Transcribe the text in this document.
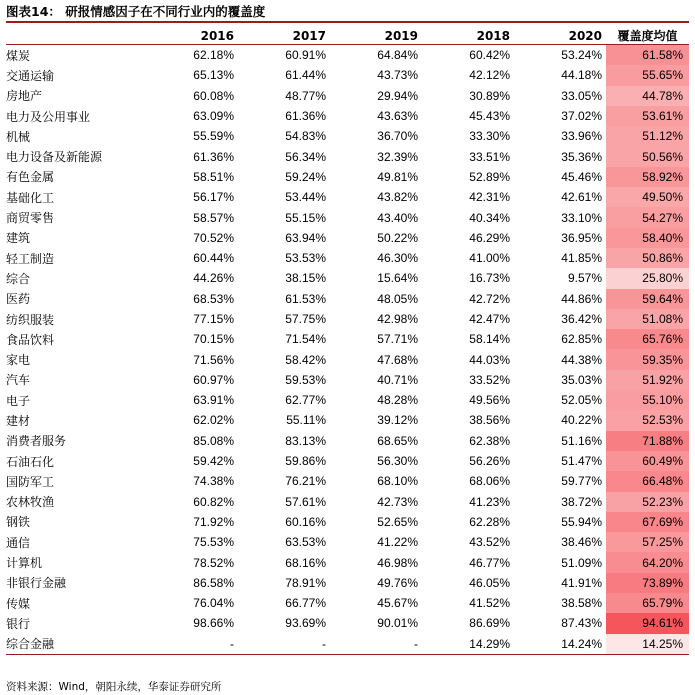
图表14： 研报情感因子在不同行业内的覆盖度
	2016	2017	2019	2018	2020	覆盖度均值
煤炭	62.18%	60.91%	64.84%	60.42%	53.24%	61.58%
交通运输	65.13%	61.44%	43.73%	42.12%	44.18%	55.65%
房地产	60.08%	48.77%	29.94%	30.89%	33.05%	44.78%
电力及公用事业	63.09%	61.36%	43.63%	45.43%	37.02%	53.61%
机械	55.59%	54.83%	36.70%	33.30%	33.96%	51.12%
电力设备及新能源	61.36%	56.34%	32.39%	33.51%	35.36%	50.56%
有色金属	58.51%	59.24%	49.81%	52.89%	45.46%	58.92%
基础化工	56.17%	53.44%	43.82%	42.31%	42.61%	49.50%
商贸零售	58.57%	55.15%	43.40%	40.34%	33.10%	54.27%
建筑	70.52%	63.94%	50.22%	46.29%	36.95%	58.40%
轻工制造	60.44%	53.53%	46.30%	41.00%	41.85%	50.86%
综合	44.26%	38.15%	15.64%	16.73%	9.57%	25.80%
医药	68.53%	61.53%	48.05%	42.72%	44.86%	59.64%
纺织服装	77.15%	57.75%	42.98%	42.47%	36.42%	51.08%
食品饮料	70.15%	71.54%	57.71%	58.14%	62.85%	65.76%
家电	71.56%	58.42%	47.68%	44.03%	44.38%	59.35%
汽车	60.97%	59.53%	40.71%	33.52%	35.03%	51.92%
电子	63.91%	62.77%	48.28%	49.56%	52.05%	55.10%
建材	62.02%	55.11%	39.12%	38.56%	40.22%	52.53%
消费者服务	85.08%	83.13%	68.65%	62.38%	51.16%	71.88%
石油石化	59.42%	59.86%	56.30%	56.26%	51.47%	60.49%
国防军工	74.38%	76.21%	68.10%	68.06%	59.77%	66.48%
农林牧渔	60.82%	57.61%	42.73%	41.23%	38.72%	52.23%
钢铁	71.92%	60.16%	52.65%	62.28%	55.94%	67.69%
通信	75.53%	63.53%	41.22%	43.52%	38.46%	57.25%
计算机	78.52%	68.16%	46.98%	46.77%	51.09%	64.20%
非银行金融	86.58%	78.91%	49.76%	46.05%	41.91%	73.89%
传媒	76.04%	66.77%	45.67%	41.52%	38.58%	65.79%
银行	98.66%	93.69%	90.01%	86.69%	87.43%	94.61%
综合金融	-	-	-	14.29%	14.24%	14.25%
资料来源：Wind，朝阳永续，华泰证券研究所
